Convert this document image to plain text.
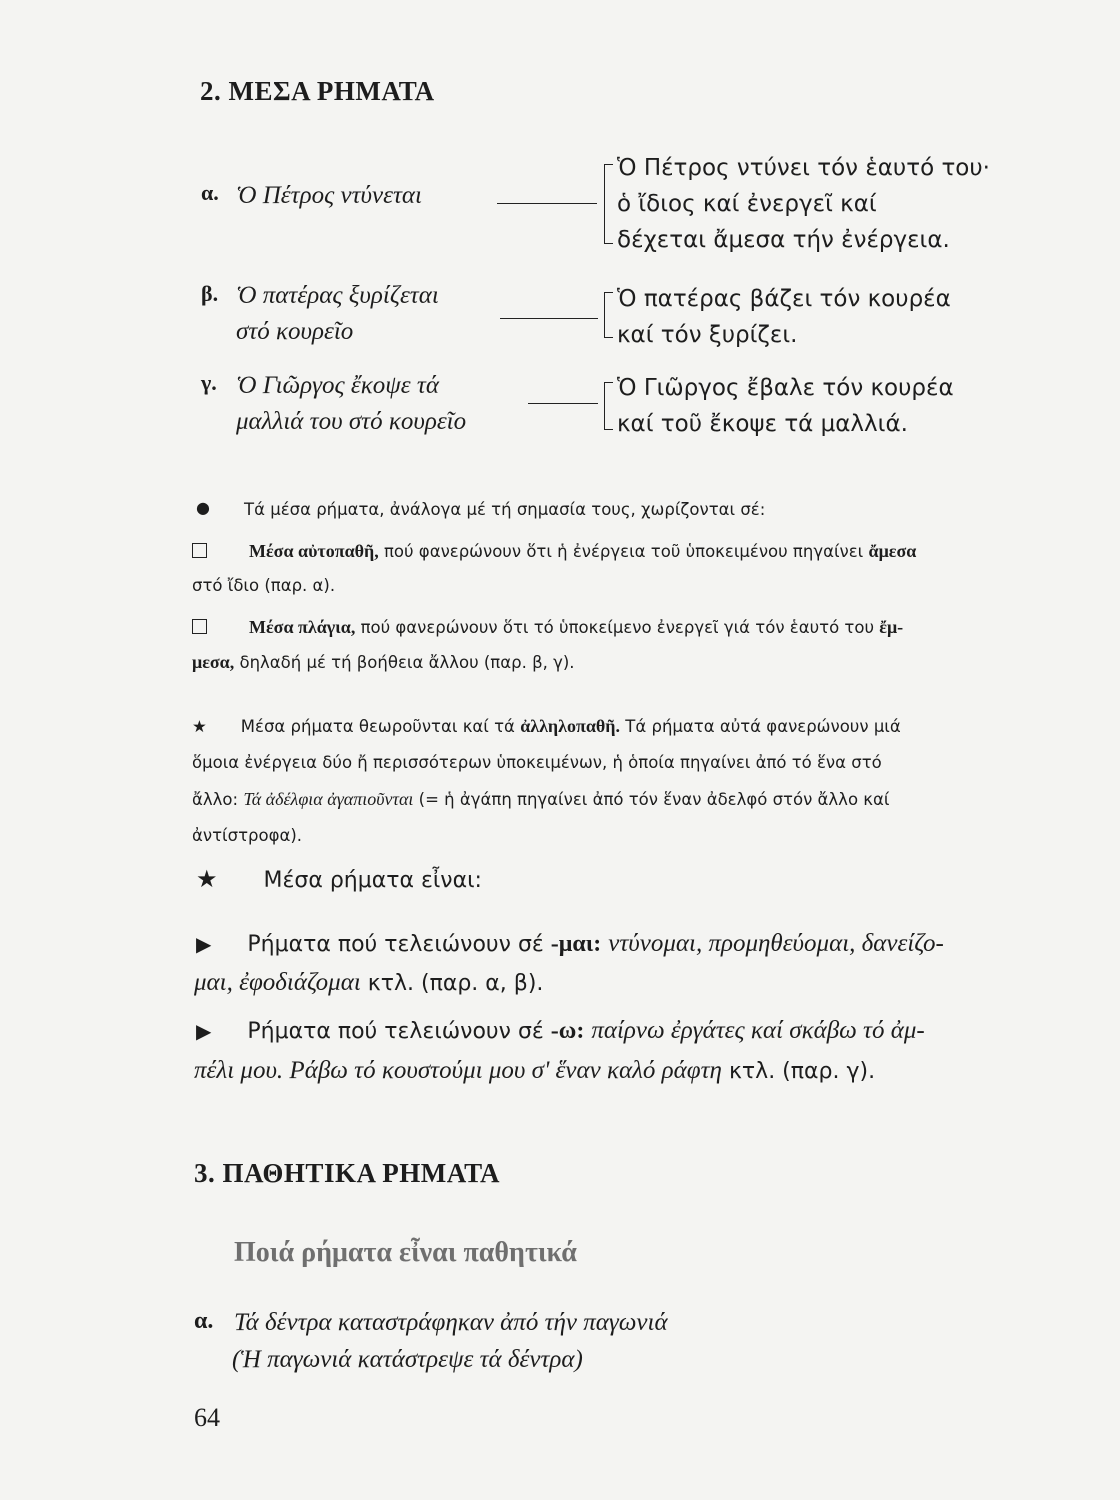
2. ΜΕΣΑ ΡΗΜΑΤΑ
α. Ὁ Πέτρος ντύνεται
Ὁ Πέτρος ντύνει τόν ἑαυτό του·
ὁ ἴδιος καί ἐνεργεῖ καί
δέχεται ἄμεσα τήν ἐνέργεια.
β. Ὁ πατέρας ξυρίζεται
στό κουρεῖο
Ὁ πατέρας βάζει τόν κουρέα
καί τόν ξυρίζει.
γ. Ὁ Γιῶργος ἔκοψε τά
μαλλιά του στό κουρεῖο
Ὁ Γιῶργος ἔβαλε τόν κουρέα
καί τοῦ ἔκοψε τά μαλλιά.
● Τά μέσα ρήματα, ἀνάλογα μέ τή σημασία τους, χωρίζονται σέ:
Μέσα αὐτοπαθῆ, πού φανερώνουν ὅτι ἡ ἐνέργεια τοῦ ὑποκειμένου πηγαίνει ἄμεσα
στό ἴδιο (παρ. α).
Μέσα πλάγια, πού φανερώνουν ὅτι τό ὑποκείμενο ἐνεργεῖ γιά τόν ἑαυτό του ἔμ-
μεσα, δηλαδή μέ τή βοήθεια ἄλλου (παρ. β, γ).
★ Μέσα ρήματα θεωροῦνται καί τά ἀλληλοπαθῆ. Τά ρήματα αὐτά φανερώνουν μιά
ὅμοια ἐνέργεια δύο ἤ περισσότερων ὑποκειμένων, ἡ ὁποία πηγαίνει ἀπό τό ἕνα στό
ἄλλο: Τά ἀδέλφια ἀγαπιοῦνται (= ἡ ἀγάπη πηγαίνει ἀπό τόν ἕναν ἀδελφό στόν ἄλλο καί
ἀντίστροφα).
★ Μέσα ρήματα εἶναι:
▶ Ρήματα πού τελειώνουν σέ -μαι: ντύνομαι, προμηθεύομαι, δανείζο-
μαι, ἐφοδιάζομαι κτλ. (παρ. α, β).
▶ Ρήματα πού τελειώνουν σέ -ω: παίρνω ἐργάτες καί σκάβω τό ἀμ-
πέλι μου. Ράβω τό κουστούμι μου σ' ἕναν καλό ράφτη κτλ. (παρ. γ).
3. ΠΑΘΗΤΙΚΑ ΡΗΜΑΤΑ
Ποιά ρήματα εἶναι παθητικά
α. Τά δέντρα καταστράφηκαν ἀπό τήν παγωνιά
(Ἡ παγωνιά κατάστρεψε τά δέντρα)
64
